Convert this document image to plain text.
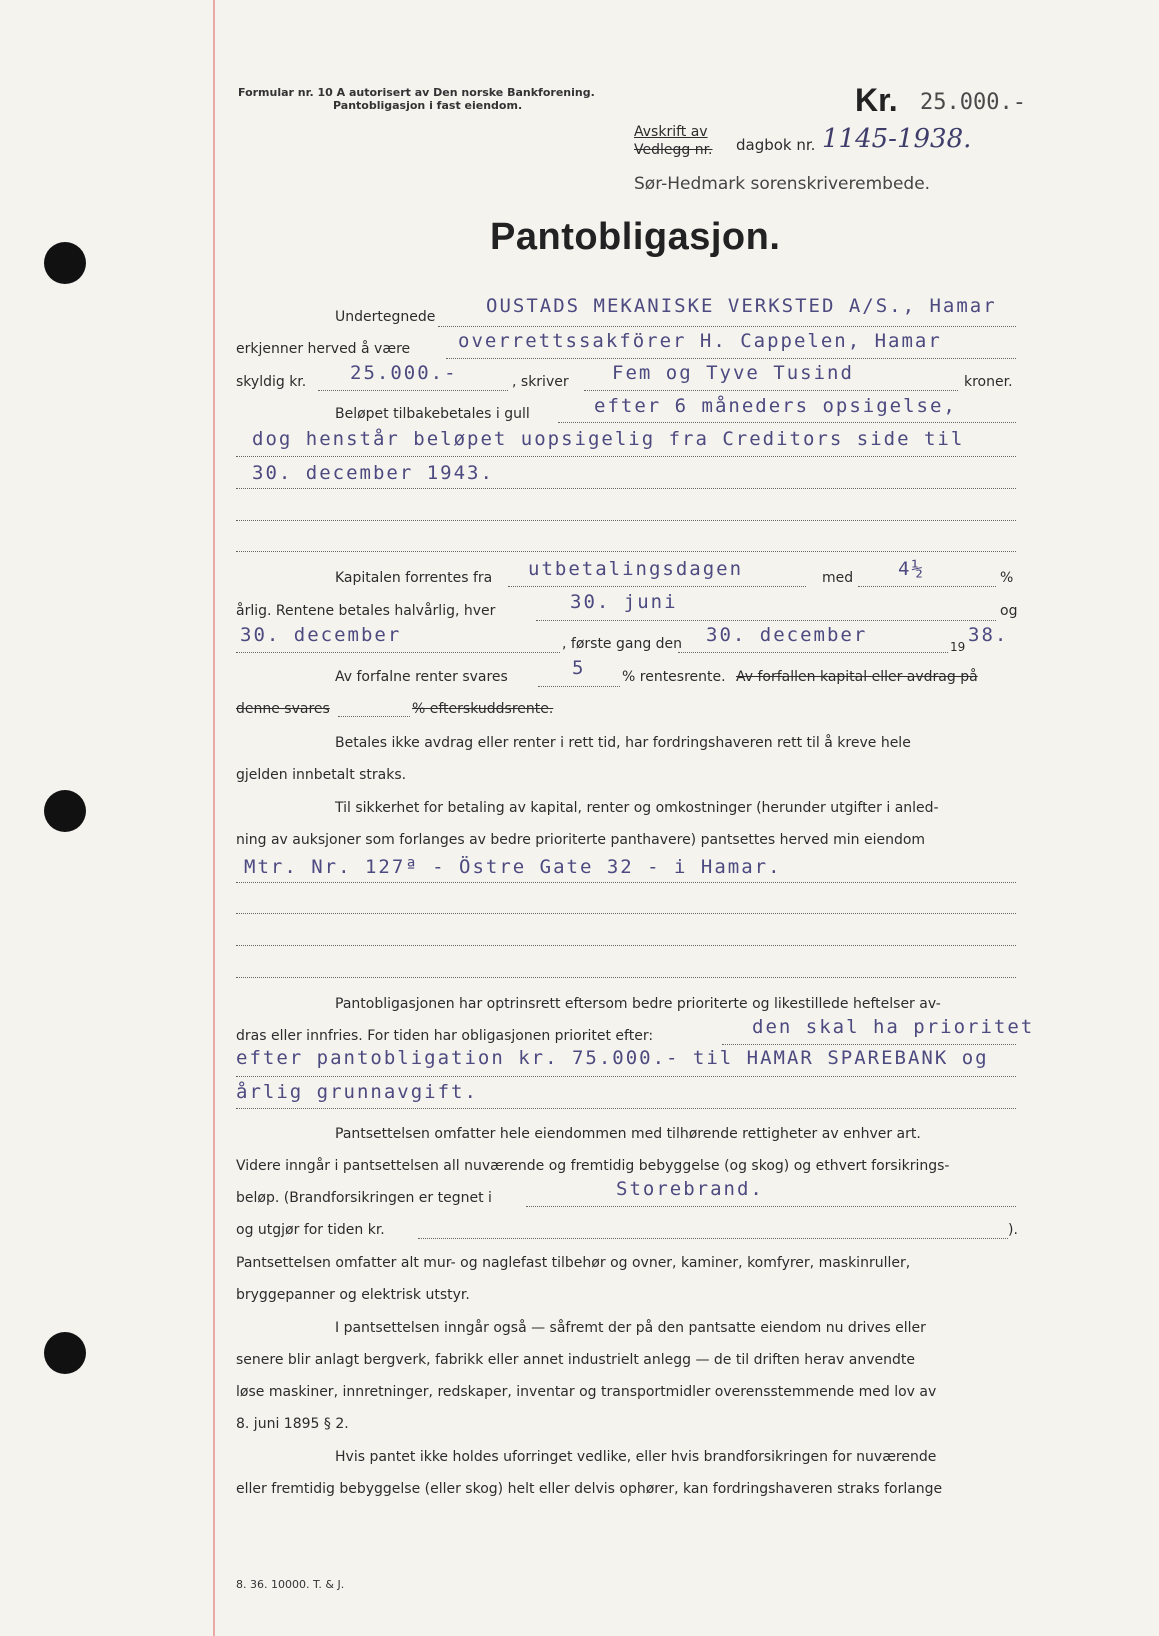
Formular nr. 10 A autorisert av Den norske Bankforening.
Pantobligasjon i fast eiendom.	Kr. 25.000.-
Avskrift av
Vedlegg nr. dagbok nr. 1145-1938.
Sør-Hedmark sorenskriverembede.
Pantobligasjon.
Undertegnede	OUSTADS MEKANISKE VERKSTED A/S., Hamar
erkjenner herved å være	overrettssakförer H. Cappelen, Hamar
skyldig kr. 25.000.-	, skriver Fem og Tyve Tusind	kroner.
Beløpet tilbakebetales i gull	efter 6 måneders opsigelse,
dog henstår beløpet uopsigelig fra Creditors side til
30. december 1943.
Kapitalen forrentes fra utbetalingsdagen	med 4½	%
årlig. Rentene betales halvårlig, hver	30. juni	og
30. december	, første gang den 30. december
19
38.
Av forfalne renter svares	5	% rentesrente. Av forfallen kapital eller avdrag på
denne svares	% efterskuddsrente.
Betales ikke avdrag eller renter i rett tid, har fordringshaveren rett til å kreve hele
gjelden innbetalt straks.
Til sikkerhet for betaling av kapital, renter og omkostninger (herunder utgifter i anled-
ning av auksjoner som forlanges av bedre prioriterte panthavere) pantsettes herved min eiendom
Mtr. Nr. 127ª - Östre Gate 32 - i Hamar.
Pantobligasjonen har optrinsrett eftersom bedre prioriterte og likestillede heftelser av-
dras eller innfries. For tiden har obligasjonen prioritet efter:	den skal ha prioritet
efter pantobligation kr. 75.000.- til HAMAR SPAREBANK og
årlig grunnavgift.
Pantsettelsen omfatter hele eiendommen med tilhørende rettigheter av enhver art.
Videre inngår i pantsettelsen all nuværende og fremtidig bebyggelse (og skog) og ethvert forsikrings-
beløp. (Brandforsikringen er tegnet i	Storebrand.
og utgjør for tiden kr.	).
Pantsettelsen omfatter alt mur- og naglefast tilbehør og ovner, kaminer, komfyrer, maskinruller,
bryggepanner og elektrisk utstyr.
I pantsettelsen inngår også — såfremt der på den pantsatte eiendom nu drives eller
senere blir anlagt bergverk, fabrikk eller annet industrielt anlegg — de til driften herav anvendte
løse maskiner, innretninger, redskaper, inventar og transportmidler overensstemmende med lov av
8. juni 1895 § 2.
Hvis pantet ikke holdes uforringet vedlike, eller hvis brandforsikringen for nuværende
eller fremtidig bebyggelse (eller skog) helt eller delvis ophører, kan fordringshaveren straks forlange
8. 36. 10000. T. & J.
